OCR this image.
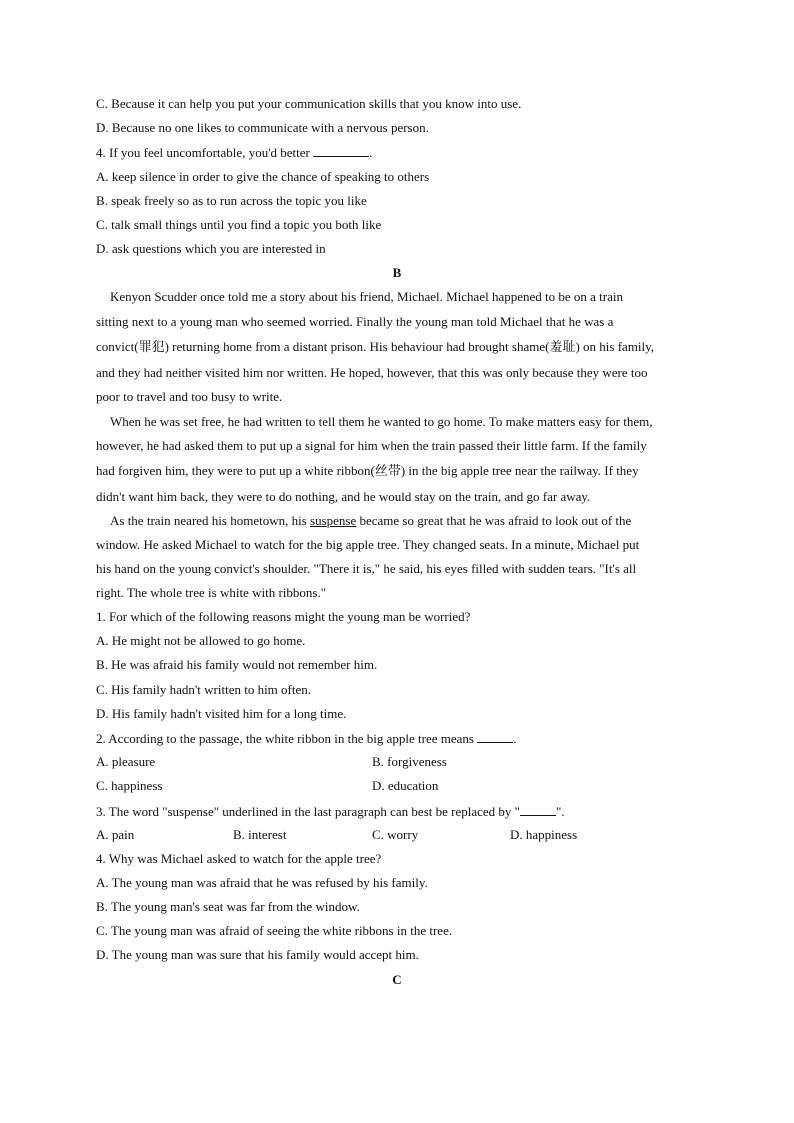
C. Because it can help you put your communication skills that you know into use.
D. Because no one likes to communicate with a nervous person.
4. If you feel uncomfortable, you'd better	.
A. keep silence in order to give the chance of speaking to others
B. speak freely so as to run across the topic you like
C. talk small things until you find a topic you both like
D. ask questions which you are interested in
B
Kenyon Scudder once told me a story about his friend, Michael. Michael happened to be on a train
sitting next to a young man who seemed worried. Finally the young man told Michael that he was a
convict(罪犯) returning home from a distant prison. His behaviour had brought shame(羞耻) on his family,
and they had neither visited him nor written. He hoped, however, that this was only because they were too
poor to travel and too busy to write.
When he was set free, he had written to tell them he wanted to go home. To make matters easy for them,
however, he had asked them to put up a signal for him when the train passed their little farm. If the family
had forgiven him, they were to put up a white ribbon(丝带) in the big apple tree near the railway. If they
didn't want him back, they were to do nothing, and he would stay on the train, and go far away.
As the train neared his hometown, his suspense became so great that he was afraid to look out of the
window. He asked Michael to watch for the big apple tree. They changed seats. In a minute, Michael put
his hand on the young convict's shoulder. "There it is," he said, his eyes filled with sudden tears. "It's all
right. The whole tree is white with ribbons."
1. For which of the following reasons might the young man be worried?
A. He might not be allowed to go home.
B. He was afraid his family would not remember him.
C. His family hadn't written to him often.
D. His family hadn't visited him for a long time.
2. According to the passage, the white ribbon in the big apple tree means	.
A. pleasure	B. forgiveness
C. happiness	D. education
3. The word "suspense" underlined in the last paragraph can best be replaced by "	".
A. pain	B. interest	C. worry	D. happiness
4. Why was Michael asked to watch for the apple tree?
A. The young man was afraid that he was refused by his family.
B. The young man's seat was far from the window.
C. The young man was afraid of seeing the white ribbons in the tree.
D. The young man was sure that his family would accept him.
C
